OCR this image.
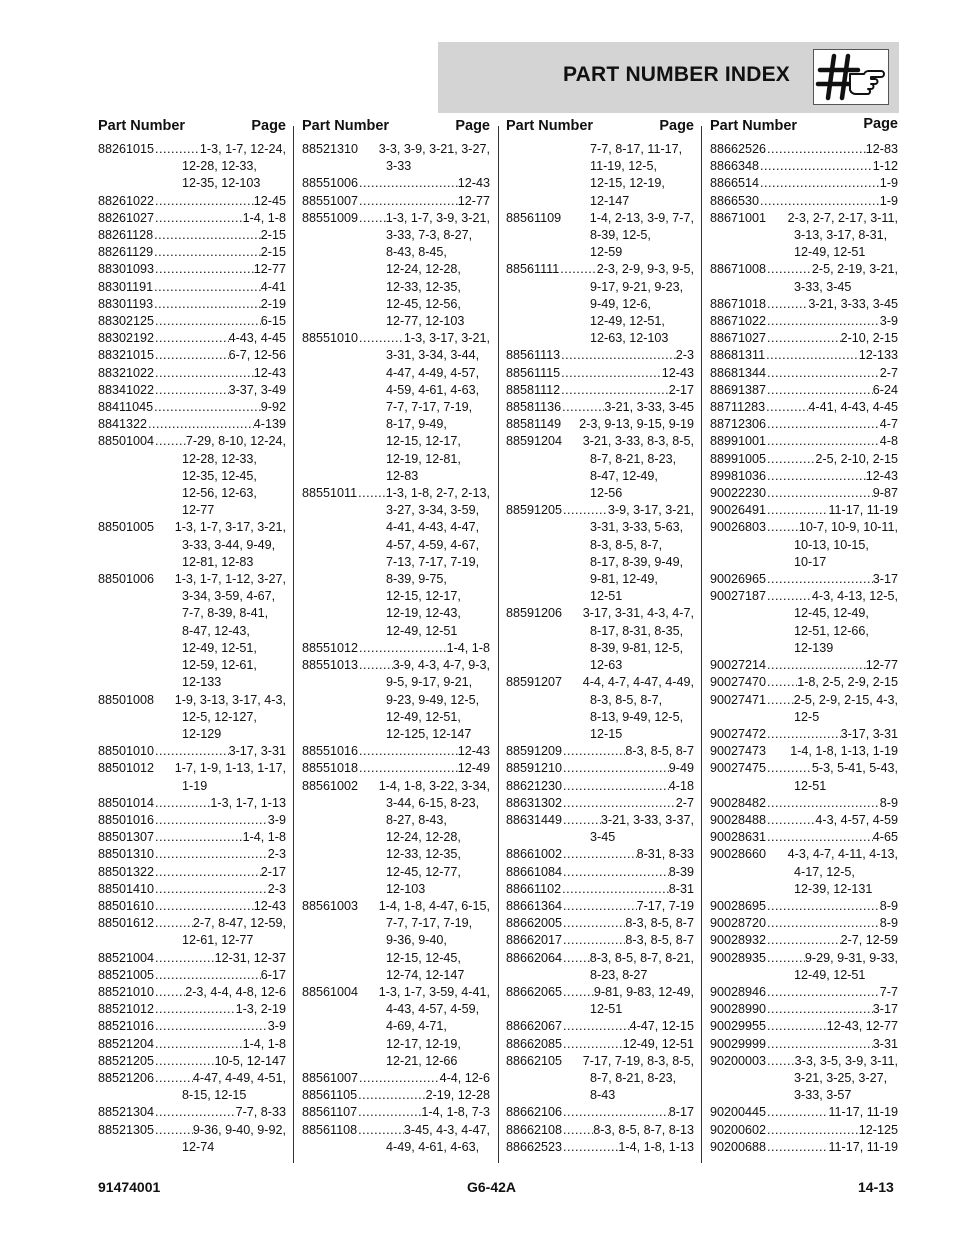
PART NUMBER INDEX
Part Number	Page
88261015 .....	1-3, 1-7, 12-24,
12-28, 12-33,
12-35, 12-103
88261022 .....	12-45
88261027 .....	1-4, 1-8
88261128 .....	2-15
88261129 .....	2-15
88301093 .....	12-77
88301191 .....	4-41
88301193 .....	2-19
88302125 .....	6-15
88302192 .....	4-43, 4-45
88321015 .....	6-7, 12-56
88321022 .....	12-43
88341022 .....	3-37, 3-49
88411045 .....	9-92
8841322 .....	4-139
88501004 .....	7-29, 8-10, 12-24,
12-28, 12-33,
12-35, 12-45,
12-56, 12-63,
12-77
88501005 1-3, 1-7, 3-17, 3-21,
3-33, 3-44, 9-49,
12-81, 12-83
88501006 1-3, 1-7, 1-12, 3-27,
3-34, 3-59, 4-67,
7-7, 8-39, 8-41,
8-47, 12-43,
12-49, 12-51,
12-59, 12-61,
12-133
88501008 1-9, 3-13, 3-17, 4-3,
12-5, 12-127,
12-129
88501010 .....	3-17, 3-31
88501012 1-7, 1-9, 1-13, 1-17,
1-19
88501014 .....	1-3, 1-7, 1-13
88501016 .....	3-9
88501307 .....	1-4, 1-8
88501310 .....	2-3
88501322 .....	2-17
88501410 .....	2-3
88501610 .....	12-43
88501612 .....	2-7, 8-47, 12-59,
12-61, 12-77
88521004 .....	12-31, 12-37
88521005 .....	6-17
88521010 ..... 2-3, 4-4, 4-8, 12-6
88521012 .....	1-3, 2-19
88521016 .....	3-9
88521204 .....	1-4, 1-8
88521205 .....	10-5, 12-147
88521206 .....	4-47, 4-49, 4-51,
8-15, 12-15
88521304 .....	7-7, 8-33
88521305 .....	9-36, 9-40, 9-92,
12-74
Part Number	Page
88521310 3-3, 3-9, 3-21, 3-27,
3-33
88551006 .....	12-43
88551007 .....	12-77
88551009 ..... 1-3, 1-7, 3-9, 3-21,
3-33, 7-3, 8-27,
8-43, 8-45,
12-24, 12-28,
12-33, 12-35,
12-45, 12-56,
12-77, 12-103
88551010 .....	1-3, 3-17, 3-21,
3-31, 3-34, 3-44,
4-47, 4-49, 4-57,
4-59, 4-61, 4-63,
7-7, 7-17, 7-19,
8-17, 9-49,
12-15, 12-17,
12-19, 12-81,
12-83
88551011 ..... 1-3, 1-8, 2-7, 2-13,
3-27, 3-34, 3-59,
4-41, 4-43, 4-47,
4-57, 4-59, 4-67,
7-13, 7-17, 7-19,
8-39, 9-75,
12-15, 12-17,
12-19, 12-43,
12-49, 12-51
88551012 .....	1-4, 1-8
88551013 .....	3-9, 4-3, 4-7, 9-3,
9-5, 9-17, 9-21,
9-23, 9-49, 12-5,
12-49, 12-51,
12-125, 12-147
88551016 .....	12-43
88551018 .....	12-49
88561002 1-4, 1-8, 3-22, 3-34,
3-44, 6-15, 8-23,
8-27, 8-43,
12-24, 12-28,
12-33, 12-35,
12-45, 12-77,
12-103
88561003 1-4, 1-8, 4-47, 6-15,
7-7, 7-17, 7-19,
9-36, 9-40,
12-15, 12-45,
12-74, 12-147
88561004 1-3, 1-7, 3-59, 4-41,
4-43, 4-57, 4-59,
4-69, 4-71,
12-17, 12-19,
12-21, 12-66
88561007 .....	4-4, 12-6
88561105 .....	2-19, 12-28
88561107 .....	1-4, 1-8, 7-3
88561108 .....	3-45, 4-3, 4-47,
4-49, 4-61, 4-63,
Part Number	Page
7-7, 8-17, 11-17,
11-19, 12-5,
12-15, 12-19,
12-147
88561109 1-4, 2-13, 3-9, 7-7,
8-39, 12-5,
12-59
88561111 .....	2-3, 2-9, 9-3, 9-5,
9-17, 9-21, 9-23,
9-49, 12-6,
12-49, 12-51,
12-63, 12-103
88561113 .....	2-3
88561115 .....	12-43
88581112 .....	2-17
88581136 .....	3-21, 3-33, 3-45
88581149 2-3, 9-13, 9-15, 9-19
88591204 3-21, 3-33, 8-3, 8-5,
8-7, 8-21, 8-23,
8-47, 12-49,
12-56
88591205 .....	3-9, 3-17, 3-21,
3-31, 3-33, 5-63,
8-3, 8-5, 8-7,
8-17, 8-39, 9-49,
9-81, 12-49,
12-51
88591206 3-17, 3-31, 4-3, 4-7,
8-17, 8-31, 8-35,
8-39, 9-81, 12-5,
12-63
88591207 4-4, 4-7, 4-47, 4-49,
8-3, 8-5, 8-7,
8-13, 9-49, 12-5,
12-15
88591209 .....	8-3, 8-5, 8-7
88591210 .....	9-49
88621230 .....	4-18
88631302 .....	2-7
88631449 .....	3-21, 3-33, 3-37,
3-45
88661002 .....	8-31, 8-33
88661084 .....	8-39
88661102 .....	8-31
88661364 .....	7-17, 7-19
88662005 .....	8-3, 8-5, 8-7
88662017 .....	8-3, 8-5, 8-7
88662064 ..... 8-3, 8-5, 8-7, 8-21,
8-23, 8-27
88662065 .....	9-81, 9-83, 12-49,
12-51
88662067 .....	4-47, 12-15
88662085 .....	12-49, 12-51
88662105 7-17, 7-19, 8-3, 8-5,
8-7, 8-21, 8-23,
8-43
88662106 .....	8-17
88662108 ..... 8-3, 8-5, 8-7, 8-13
88662523 .....	1-4, 1-8, 1-13
Part Number	Page
88662526 .....	12-83
8866348 .....	1-12
8866514 .....	1-9
8866530 .....	1-9
88671001 2-3, 2-7, 2-17, 3-11,
3-13, 3-17, 8-31,
12-49, 12-51
88671008 .....	2-5, 2-19, 3-21,
3-33, 3-45
88671018 .....	3-21, 3-33, 3-45
88671022 .....	3-9
88671027 .....	2-10, 2-15
88681311 .....	12-133
88681344 .....	2-7
88691387 .....	6-24
88711283 .....	4-41, 4-43, 4-45
88712306 .....	4-7
88991001 .....	4-8
88991005 .....	2-5, 2-10, 2-15
89981036 .....	12-43
90022230 .....	9-87
90026491 .....	11-17, 11-19
90026803 .....	10-7, 10-9, 10-11,
10-13, 10-15,
10-17
90026965 .....	3-17
90027187 .....	4-3, 4-13, 12-5,
12-45, 12-49,
12-51, 12-66,
12-139
90027214 .....	12-77
90027470 ..... 1-8, 2-5, 2-9, 2-15
90027471 ..... 2-5, 2-9, 2-15, 4-3,
12-5
90027472 .....	3-17, 3-31
90027473 1-4, 1-8, 1-13, 1-19
90027475 .....	5-3, 5-41, 5-43,
12-51
90028482 .....	8-9
90028488 .....	4-3, 4-57, 4-59
90028631 .....	4-65
90028660 4-3, 4-7, 4-11, 4-13,
4-17, 12-5,
12-39, 12-131
90028695 .....	8-9
90028720 .....	8-9
90028932 .....	2-7, 12-59
90028935 .....	9-29, 9-31, 9-33,
12-49, 12-51
90028946 .....	7-7
90028990 .....	3-17
90029955 .....	12-43, 12-77
90029999 .....	3-31
90200003 ..... 3-3, 3-5, 3-9, 3-11,
3-21, 3-25, 3-27,
3-33, 3-57
90200445 .....	11-17, 11-19
90200602 .....	12-125
90200688 .....	11-17, 11-19
91474001	G6-42A	14-13
